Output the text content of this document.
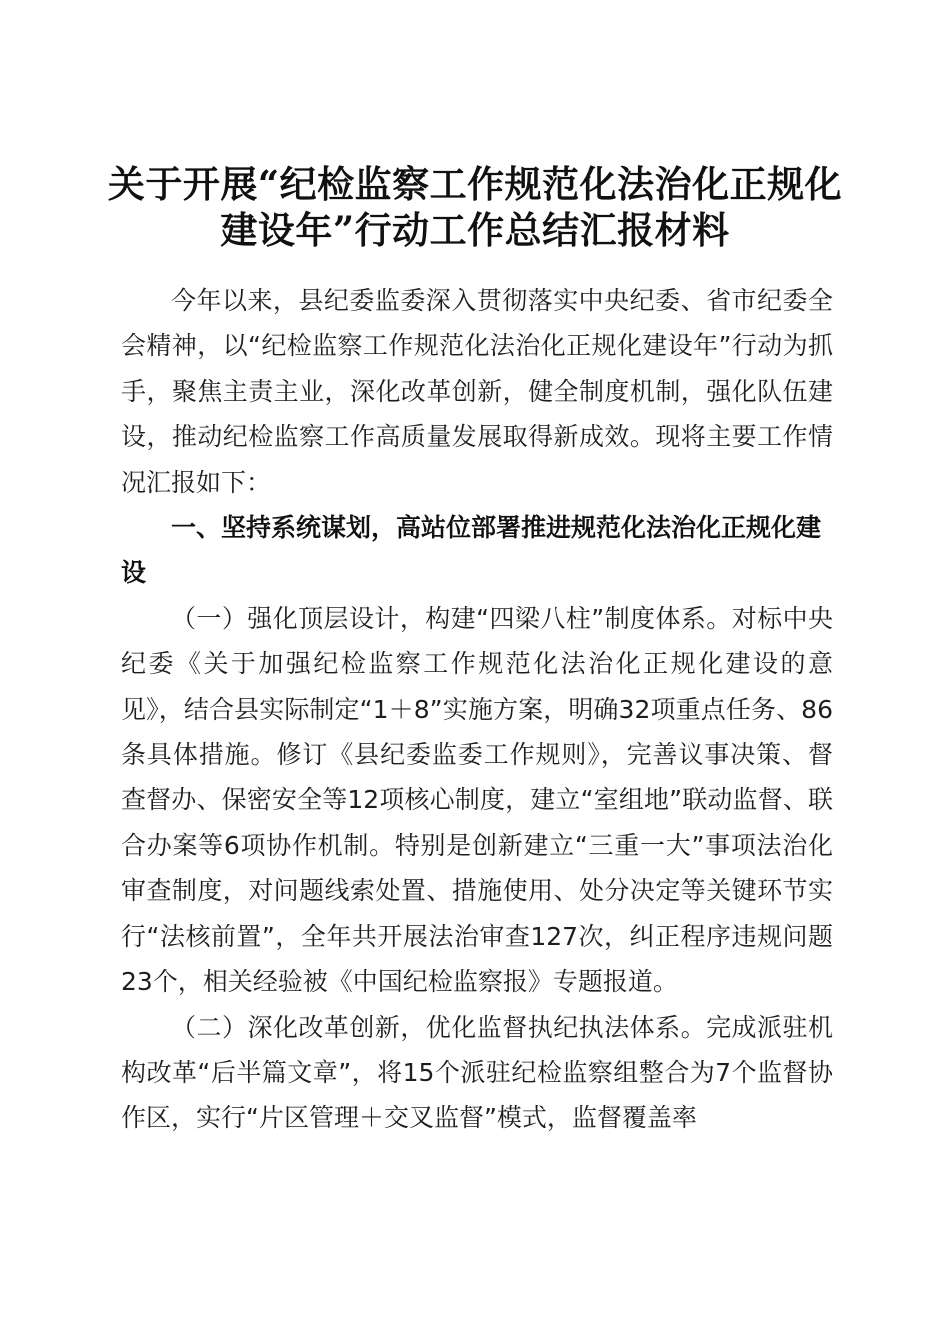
关于开展“纪检监察工作规范化法治化正规化
建设年”行动工作总结汇报材料

今年以来，县纪委监委深入贯彻落实中央纪委、省市纪委全会精神，以“纪检监察工作规范化法治化正规化建设年”行动为抓手，聚焦主责主业，深化改革创新，健全制度机制，强化队伍建设，推动纪检监察工作高质量发展取得新成效。现将主要工作情况汇报如下：

一、坚持系统谋划，高站位部署推进规范化法治化正规化建设

（一）强化顶层设计，构建“四梁八柱”制度体系。对标中央纪委《关于加强纪检监察工作规范化法治化正规化建设的意见》，结合县实际制定“1＋8”实施方案，明确32项重点任务、86条具体措施。修订《县纪委监委工作规则》，完善议事决策、督查督办、保密安全等12项核心制度，建立“室组地”联动监督、联合办案等6项协作机制。特别是创新建立“三重一大”事项法治化审查制度，对问题线索处置、措施使用、处分决定等关键环节实行“法核前置”，全年共开展法治审查127次，纠正程序违规问题23个，相关经验被《中国纪检监察报》专题报道。

（二）深化改革创新，优化监督执纪执法体系。完成派驻机构改革“后半篇文章”，将15个派驻纪检监察组整合为7个监督协作区，实行“片区管理＋交叉监督”模式，监督覆盖率
